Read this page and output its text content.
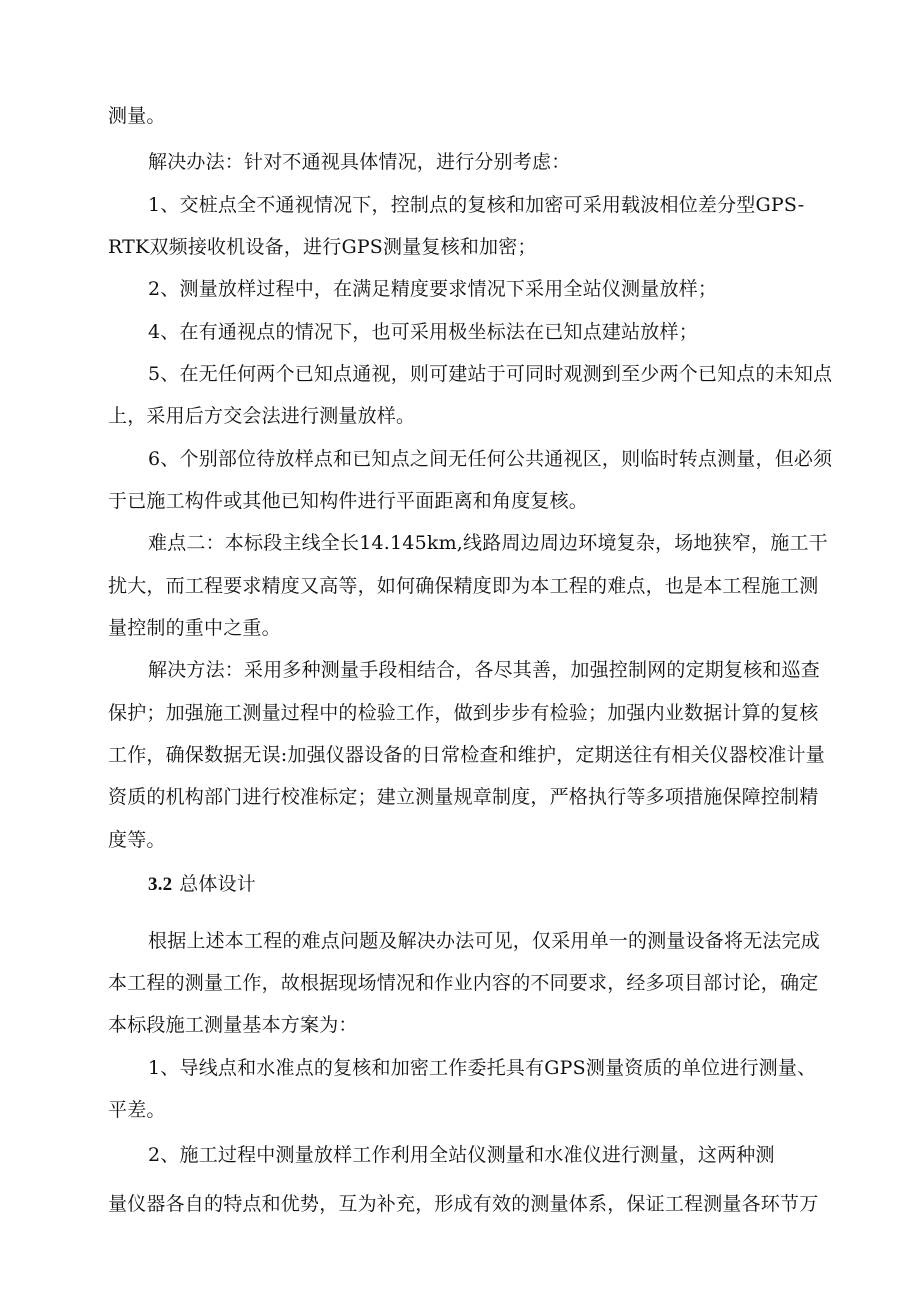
测量。
解决办法：针对不通视具体情况，进行分别考虑：
1、交桩点全不通视情况下，控制点的复核和加密可采用载波相位差分型GPS-
RTK双频接收机设备，进行GPS测量复核和加密；
2、测量放样过程中，在满足精度要求情况下采用全站仪测量放样；
4、在有通视点的情况下，也可采用极坐标法在已知点建站放样；
5、在无任何两个已知点通视，则可建站于可同时观测到至少两个已知点的未知点
上，采用后方交会法进行测量放样。
6、个别部位待放样点和已知点之间无任何公共通视区，则临时转点测量，但必须
于已施工构件或其他已知构件进行平面距离和角度复核。
难点二：本标段主线全长14.145km,线路周边周边环境复杂，场地狭窄，施工干
扰大，而工程要求精度又高等，如何确保精度即为本工程的难点，也是本工程施工测
量控制的重中之重。
解决方法：采用多种测量手段相结合，各尽其善，加强控制网的定期复核和巡查
保护；加强施工测量过程中的检验工作，做到步步有检验；加强内业数据计算的复核
工作，确保数据无误:加强仪器设备的日常检查和维护，定期送往有相关仪器校准计量
资质的机构部门进行校准标定；建立测量规章制度，严格执行等多项措施保障控制精
度等。
3.2 总体设计
根据上述本工程的难点问题及解决办法可见，仅采用单一的测量设备将无法完成
本工程的测量工作，故根据现场情况和作业内容的不同要求，经多项目部讨论，确定
本标段施工测量基本方案为：
1、导线点和水准点的复核和加密工作委托具有GPS测量资质的单位进行测量、
平差。
2、施工过程中测量放样工作利用全站仪测量和水准仪进行测量，这两种测
量仪器各自的特点和优势，互为补充，形成有效的测量体系，保证工程测量各环节万
